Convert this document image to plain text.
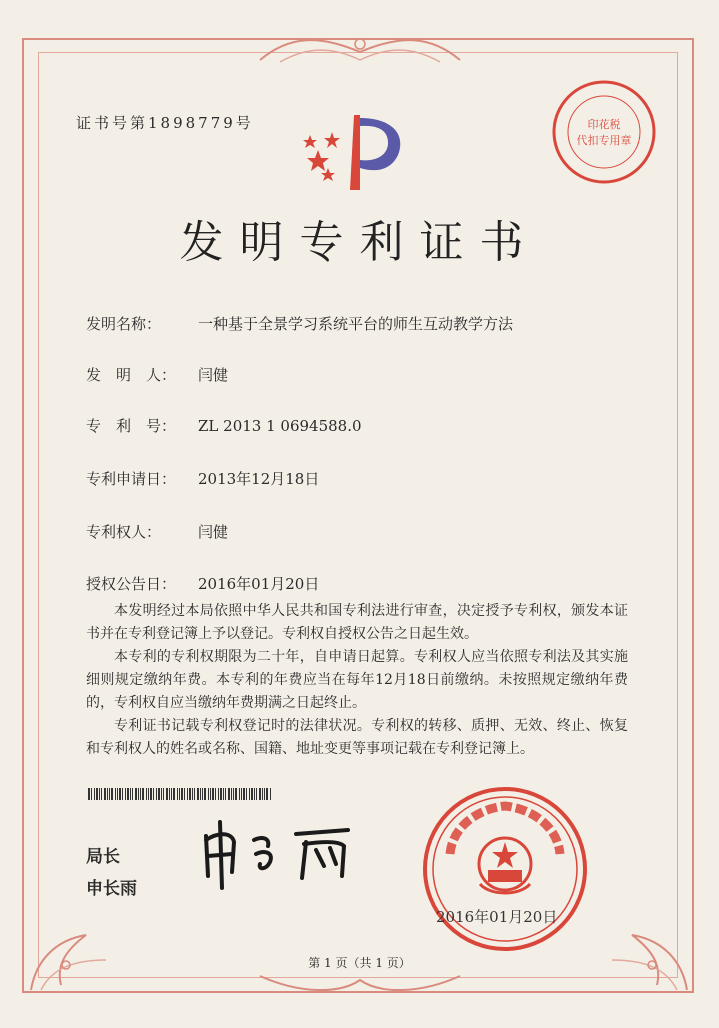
证书号第1898779号	印花税
代扣专用章
发明专利证书
发明名称： 一种基于全景学习系统平台的师生互动教学方法
发　明　人： 闫健
专　利　号： ZL 2013 1 0694588.0
专利申请日： 2013年12月18日
专利权人： 闫健
授权公告日： 2016年01月20日

本发明经过本局依照中华人民共和国专利法进行审查，决定授予专利权，颁发本证书并在专利登记簿上予以登记。专利权自授权公告之日起生效。

本专利的专利权期限为二十年，自申请日起算。专利权人应当依照专利法及其实施细则规定缴纳年费。本专利的年费应当在每年12月18日前缴纳。未按照规定缴纳年费的，专利权自应当缴纳年费期满之日起终止。

专利证书记载专利权登记时的法律状况。专利权的转移、质押、无效、终止、恢复和专利权人的姓名或名称、国籍、地址变更等事项记载在专利登记簿上。

局长
申长雨
2016年01月20日
第 1 页（共 1 页）
